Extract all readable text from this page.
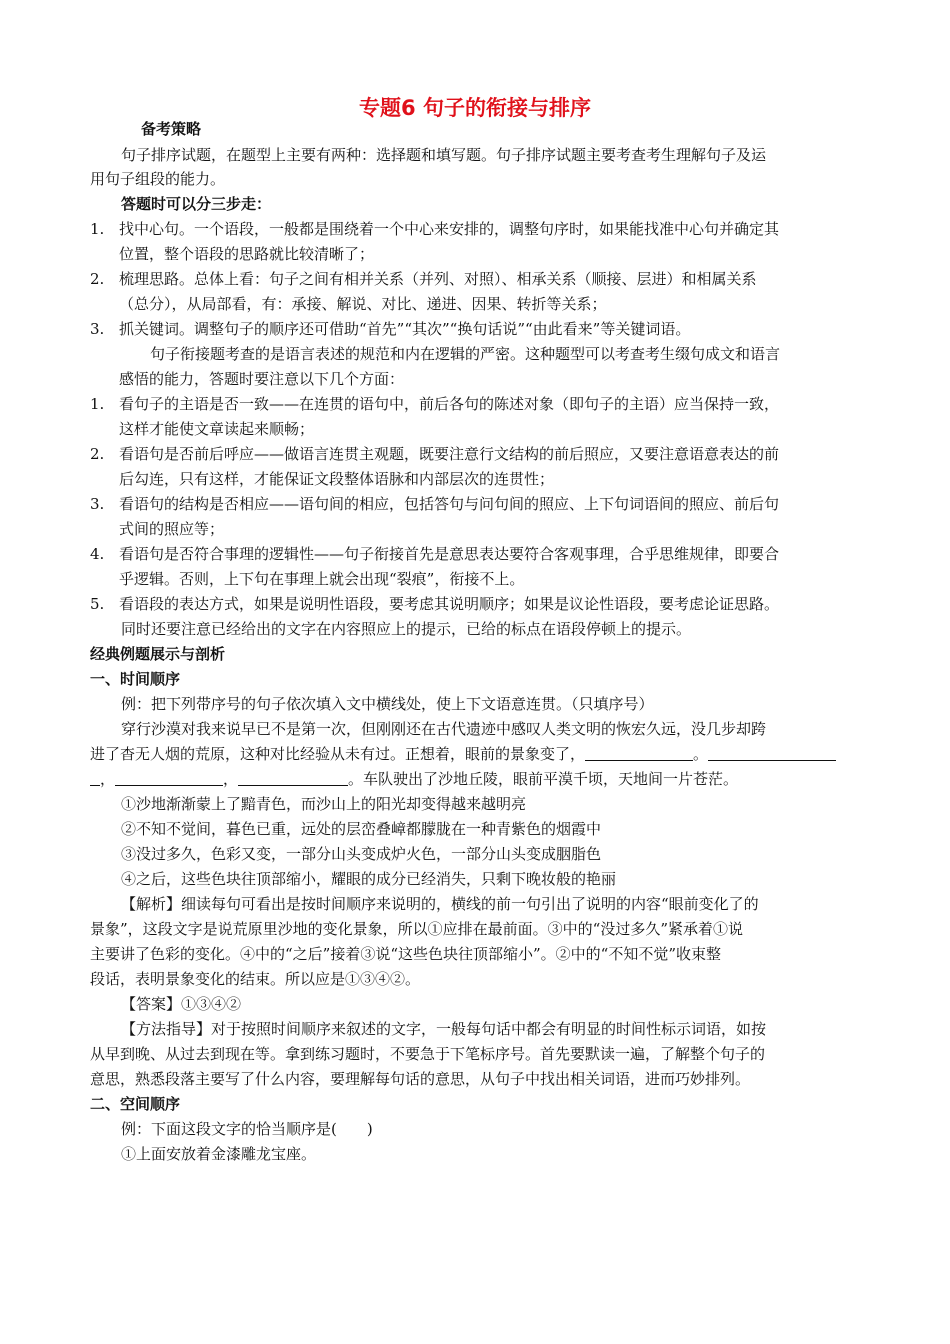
专题6 句子的衔接与排序
备考策略
句子排序试题，在题型上主要有两种：选择题和填写题。句子排序试题主要考查考生理解句子及运
用句子组段的能力。
答题时可以分三步走：
1. 找中心句。一个语段，一般都是围绕着一个中心来安排的，调整句序时，如果能找准中心句并确定其
位置，整个语段的思路就比较清晰了；
2. 梳理思路。总体上看：句子之间有相并关系（并列、对照）、相承关系（顺接、层进）和相属关系
（总分），从局部看，有：承接、解说、对比、递进、因果、转折等关系；
3. 抓关键词。调整句子的顺序还可借助“首先”“其次”“换句话说”“由此看来”等关键词语。
句子衔接题考查的是语言表述的规范和内在逻辑的严密。这种题型可以考查考生缀句成文和语言
感悟的能力，答题时要注意以下几个方面：
1. 看句子的主语是否一致——在连贯的语句中，前后各句的陈述对象（即句子的主语）应当保持一致，
这样才能使文章读起来顺畅；
2. 看语句是否前后呼应——做语言连贯主观题，既要注意行文结构的前后照应，又要注意语意表达的前
后勾连，只有这样，才能保证文段整体语脉和内部层次的连贯性；
3. 看语句的结构是否相应——语句间的相应，包括答句与问句间的照应、上下句词语间的照应、前后句
式间的照应等；
4. 看语句是否符合事理的逻辑性——句子衔接首先是意思表达要符合客观事理，合乎思维规律，即要合
乎逻辑。否则，上下句在事理上就会出现“裂痕”，衔接不上。
5. 看语段的表达方式，如果是说明性语段，要考虑其说明顺序；如果是议论性语段，要考虑论证思路。
同时还要注意已经给出的文字在内容照应上的提示，已给的标点在语段停顿上的提示。
经典例题展示与剖析
一、时间顺序
例：把下列带序号的句子依次填入文中横线处，使上下文语意连贯。（只填序号）
穿行沙漠对我来说早已不是第一次，但刚刚还在古代遗迹中感叹人类文明的恢宏久远，没几步却跨
进了杳无人烟的荒原，这种对比经验从未有过。正想着，眼前的景象变了，	。
，	，	。车队驶出了沙地丘陵，眼前平漠千顷，天地间一片苍茫。
①沙地渐渐蒙上了黯青色，而沙山上的阳光却变得越来越明亮
②不知不觉间，暮色已重，远处的层峦叠嶂都朦胧在一种青紫色的烟霞中
③没过多久，色彩又变，一部分山头变成炉火色，一部分山头变成胭脂色
④之后，这些色块往顶部缩小，耀眼的成分已经消失，只剩下晚妆般的艳丽
【解析】细读每句可看出是按时间顺序来说明的，横线的前一句引出了说明的内容“眼前变化了的
景象”，这段文字是说荒原里沙地的变化景象，所以①应排在最前面。③中的“没过多久”紧承着①说
主要讲了色彩的变化。④中的“之后”接着③说“这些色块往顶部缩小”。②中的“不知不觉”收束整
段话，表明景象变化的结束。所以应是①③④②。
【答案】①③④②
【方法指导】对于按照时间顺序来叙述的文字，一般每句话中都会有明显的时间性标示词语，如按
从早到晚、从过去到现在等。拿到练习题时，不要急于下笔标序号。首先要默读一遍，了解整个句子的
意思，熟悉段落主要写了什么内容，要理解每句话的意思，从句子中找出相关词语，进而巧妙排列。
二、空间顺序
例：下面这段文字的恰当顺序是(　　)
①上面安放着金漆雕龙宝座。
